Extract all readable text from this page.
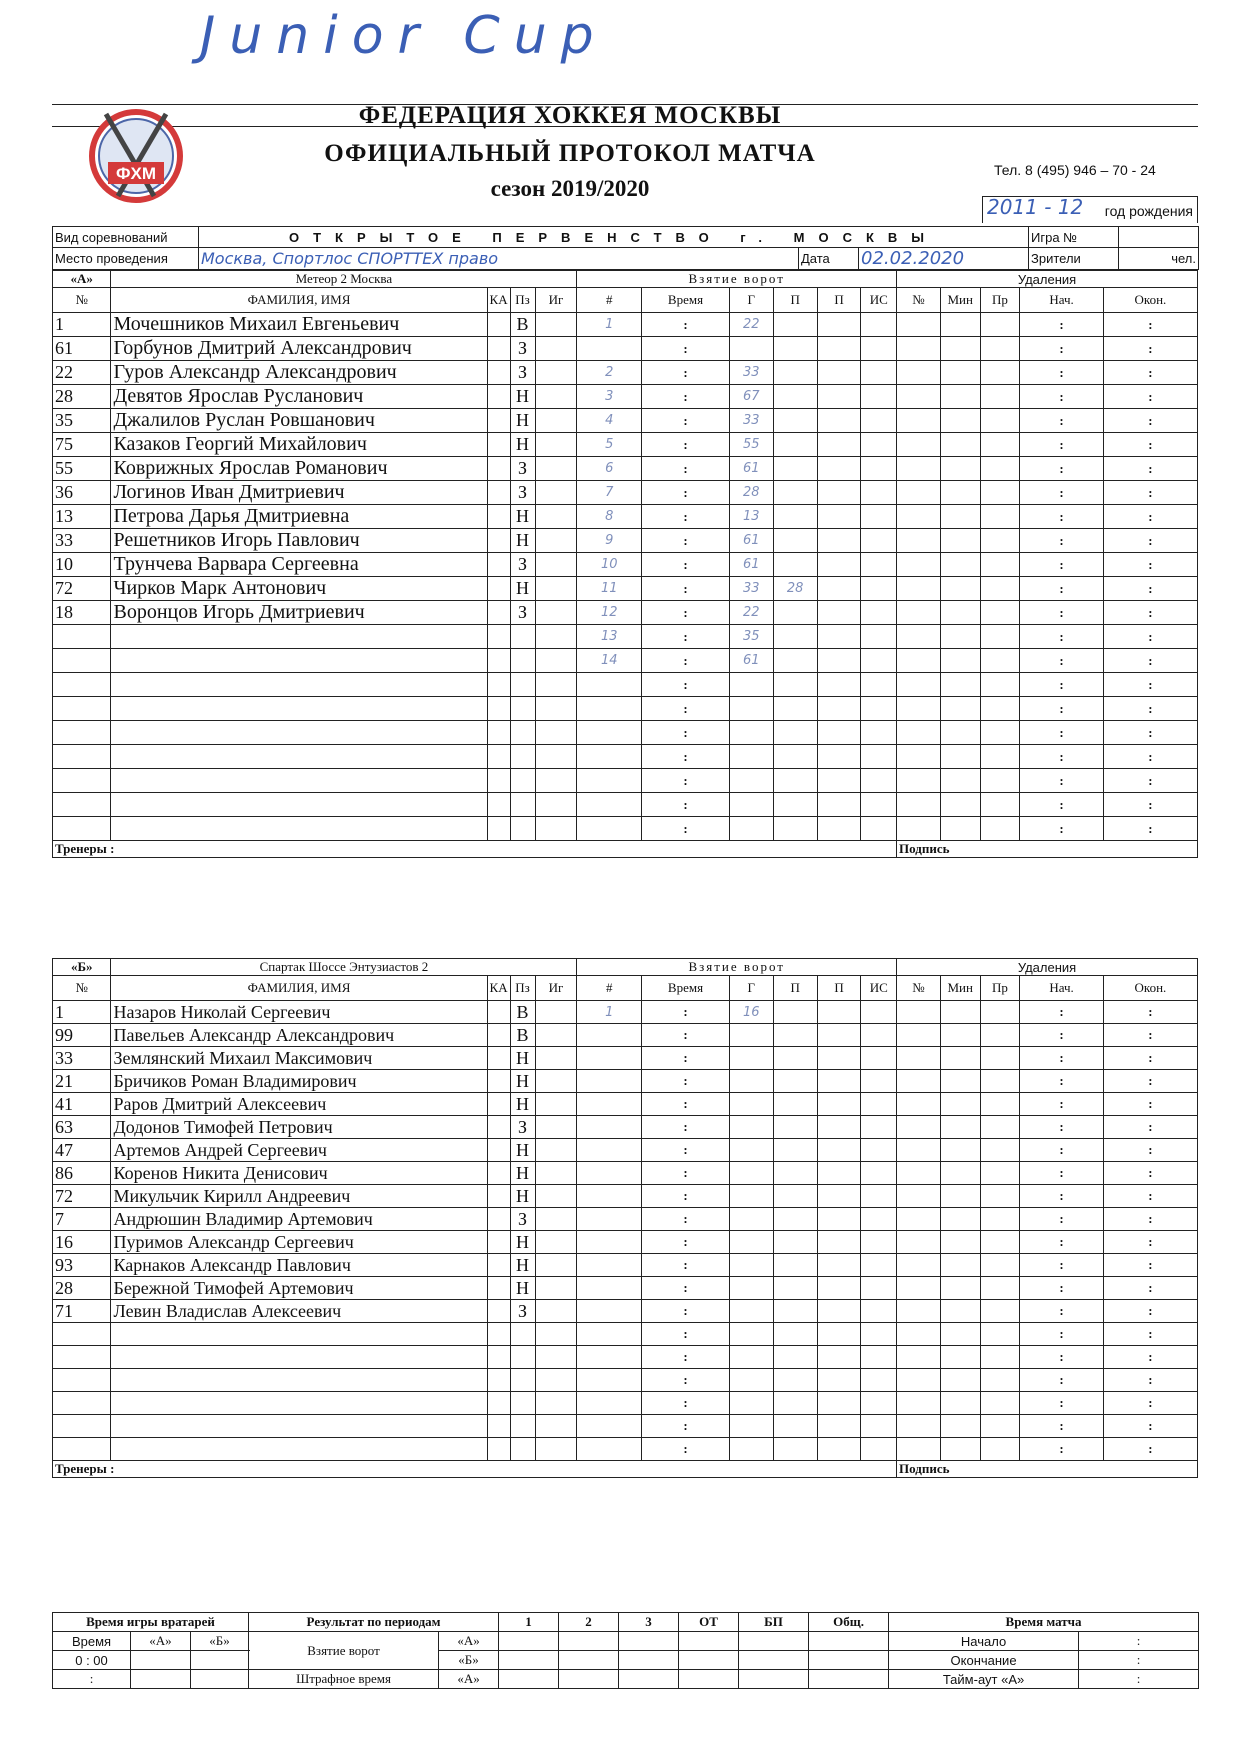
Junior Cup
ФХМ
ФЕДЕРАЦИЯ ХОККЕЯ МОСКВЫ
ОФИЦИАЛЬНЫЙ ПРОТОКОЛ МАТЧА
сезон 2019/2020
Тел. 8 (495) 946 – 70 - 24
2011 - 12 год рождения
Вид соревнований	ОТКРЫТОЕ ПЕРВЕНСТВО г. МОСКВЫ			Игра №	
Место проведения	Москва, Спортлос СПОРТТЕХ право	Дата	02.02.2020	Зрители	чел.
«А»	Метеор 2 Москва				Взятие ворот						Удаления				
№	ФАМИЛИЯ, ИМЯ	КА	Пз	Иг	#	Время	Г	П	П	ИС	№	Мин	Пр	Нач.	Окон.
1	Мочешников Михаил Евгеньевич		В		1	:	22							:	:
61	Горбунов Дмитрий Александрович		З			:								:	:
22	Гуров Александр Александрович		З		2	:	33							:	:
28	Девятов Ярослав Русланович		Н		3	:	67							:	:
35	Джалилов Руслан Ровшанович		Н		4	:	33							:	:
75	Казаков Георгий Михайлович		Н		5	:	55							:	:
55	Коврижных Ярослав Романович		З		6	:	61							:	:
36	Логинов Иван Дмитриевич		З		7	:	28							:	:
13	Петрова Дарья Дмитриевна		Н		8	:	13							:	:
33	Решетников Игорь Павлович		Н		9	:	61							:	:
10	Трунчева Варвара Сергеевна		З		10	:	61							:	:
72	Чирков Марк Антонович		Н		11	:	33	28						:	:
18	Воронцов Игорь Дмитриевич		З		12	:	22							:	:
					13	:	35							:	:
					14	:	61							:	:
						:								:	:
						:								:	:
						:								:	:
						:								:	:
						:								:	:
						:								:	:
						:								:	:
Тренеры :											Подпись				
«Б»	Спартак Шоссе Энтузиастов 2				Взятие ворот						Удаления				
№	ФАМИЛИЯ, ИМЯ	КА	Пз	Иг	#	Время	Г	П	П	ИС	№	Мин	Пр	Нач.	Окон.
1	Назаров Николай Сергеевич		В		1	:	16							:	:
99	Павельев Александр Александрович		В			:								:	:
33	Землянский Михаил Максимович		Н			:								:	:
21	Бричиков Роман Владимирович		Н			:								:	:
41	Раров Дмитрий Алексеевич		Н			:								:	:
63	Додонов Тимофей Петрович		З			:								:	:
47	Артемов Андрей Сергеевич		Н			:								:	:
86	Коренов Никита Денисович		Н			:								:	:
72	Микульчик Кирилл Андреевич		Н			:								:	:
7	Андрюшин Владимир Артемович		З			:								:	:
16	Пуримов Александр Сергеевич		Н			:								:	:
93	Карнаков Александр Павлович		Н			:								:	:
28	Бережной Тимофей Артемович		Н			:								:	:
71	Левин Владислав Алексеевич		З			:								:	:
						:								:	:
						:								:	:
						:								:	:
						:								:	:
						:								:	:
						:								:	:
Тренеры :											Подпись				
Время игры вратарей			Результат по периодам		1	2	3	ОТ	БП	Общ.	Время матча	
Время	«А»	«Б»	Взятие ворот	«А»							Начало	:
0 : 00				«Б»							Окончание	:
:			Штрафное время	«А»							Тайм-аут «А»	:
